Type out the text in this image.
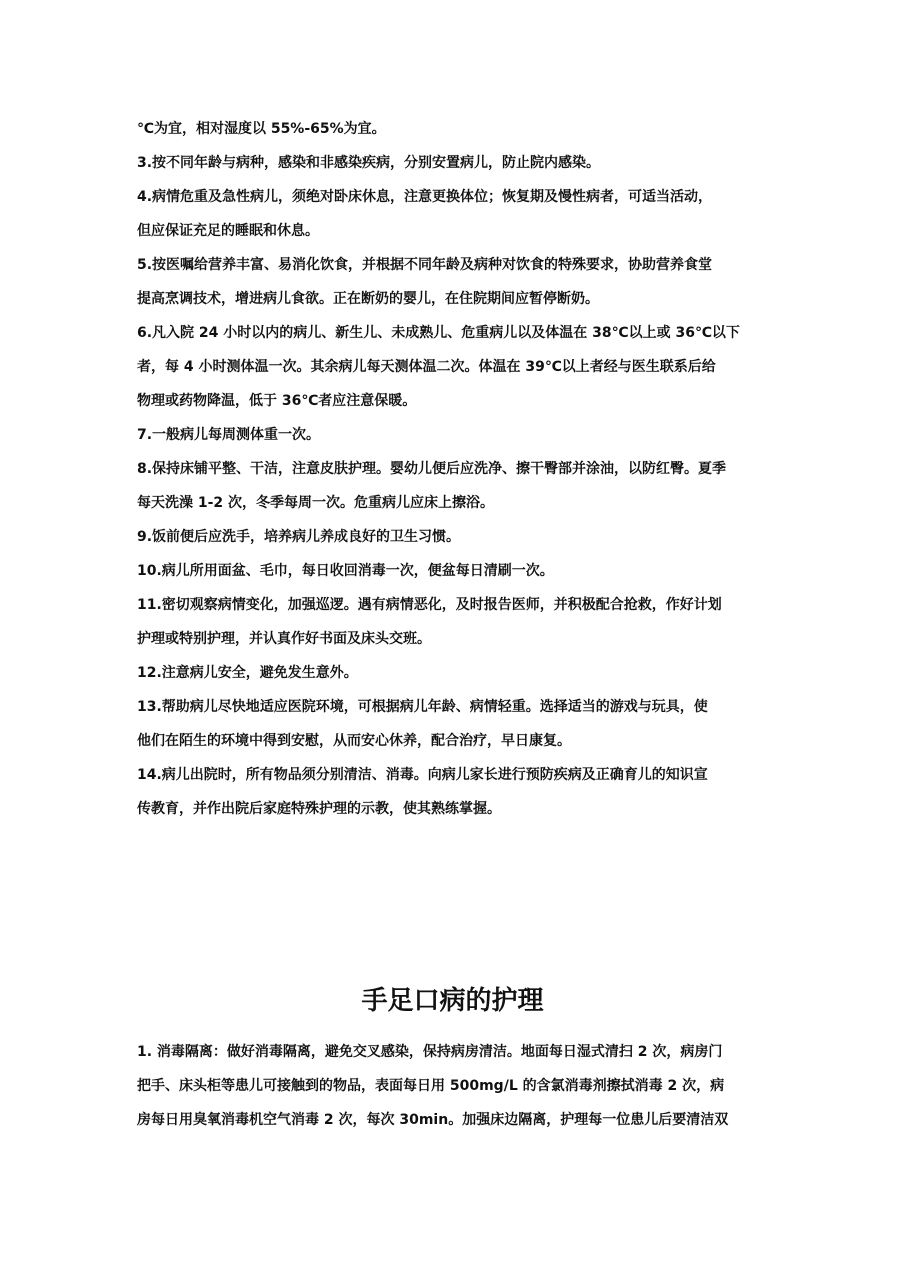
℃为宜，相对湿度以 55%-65%为宜。
3.按不同年龄与病种，感染和非感染疾病，分别安置病儿，防止院内感染。
4.病情危重及急性病儿，须绝对卧床休息，注意更换体位；恢复期及慢性病者，可适当活动，
但应保证充足的睡眠和休息。
5.按医嘱给营养丰富、易消化饮食，并根据不同年龄及病种对饮食的特殊要求，协助营养食堂
提高烹调技术，增进病儿食欲。正在断奶的婴儿，在住院期间应暂停断奶。
6.凡入院 24 小时以内的病儿、新生儿、未成熟儿、危重病儿以及体温在 38℃以上或 36℃以下
者，每 4 小时测体温一次。其余病儿每天测体温二次。体温在 39℃以上者经与医生联系后给
物理或药物降温，低于 36℃者应注意保暖。
7.一般病儿每周测体重一次。
8.保持床铺平整、干洁，注意皮肤护理。婴幼儿便后应洗净、擦干臀部并涂油，以防红臀。夏季
每天洗澡 1-2 次，冬季每周一次。危重病儿应床上擦浴。
9.饭前便后应洗手，培养病儿养成良好的卫生习惯。
10.病儿所用面盆、毛巾，每日收回消毒一次，便盆每日清刷一次。
11.密切观察病情变化，加强巡逻。遇有病情恶化，及时报告医师，并积极配合抢救，作好计划
护理或特别护理，并认真作好书面及床头交班。
12.注意病儿安全，避免发生意外。
13.帮助病儿尽快地适应医院环境，可根据病儿年龄、病情轻重。选择适当的游戏与玩具，使
他们在陌生的环境中得到安慰，从而安心休养，配合治疗，早日康复。
14.病儿出院时，所有物品须分别清洁、消毒。向病儿家长进行预防疾病及正确育儿的知识宣
传教育，并作出院后家庭特殊护理的示教，使其熟练掌握。
手足口病的护理
1. 消毒隔离：做好消毒隔离，避免交叉感染，保持病房清洁。地面每日湿式清扫 2 次，病房门
把手、床头柜等患儿可接触到的物品，表面每日用 500mg/L 的含氯消毒剂擦拭消毒 2 次，病
房每日用臭氧消毒机空气消毒 2 次，每次 30min。加强床边隔离，护理每一位患儿后要清洁双
